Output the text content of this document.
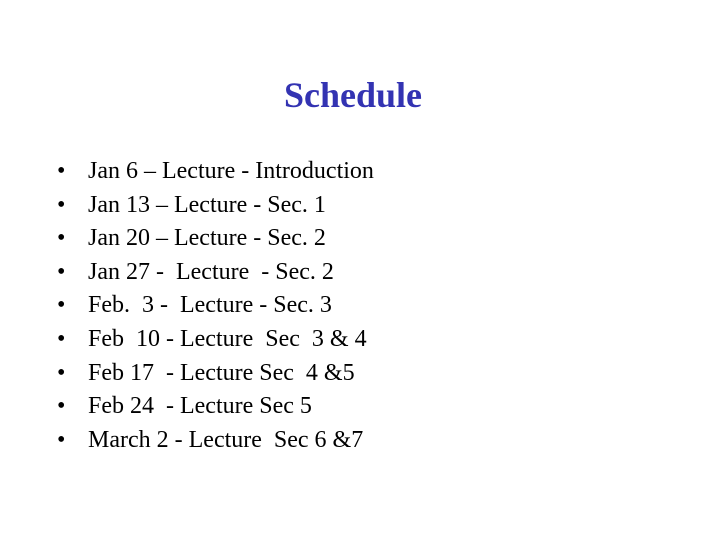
Schedule

•

Jan 6 – Lecture - Introduction

•

Jan 13 – Lecture - Sec. 1

•

Jan 20 – Lecture - Sec. 2

•

Jan 27 -  Lecture  - Sec. 2

•

Feb.  3 -  Lecture - Sec. 3

•

Feb  10 - Lecture  Sec  3 & 4

•

Feb 17  - Lecture Sec  4 &5

•

Feb 24  - Lecture Sec 5

•

March 2 - Lecture  Sec 6 &7
